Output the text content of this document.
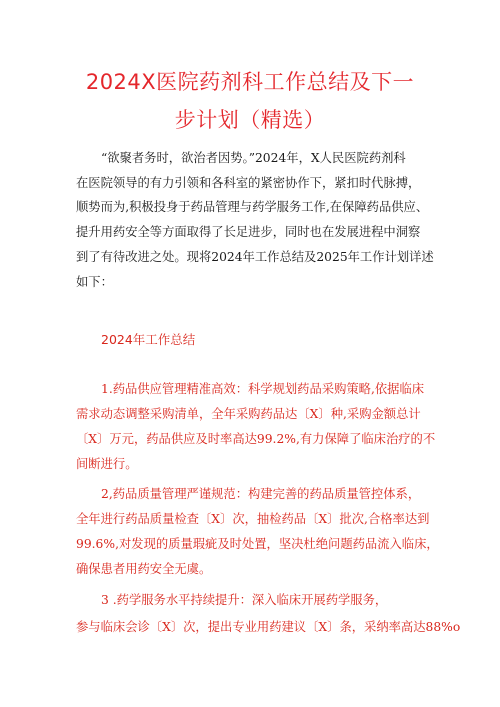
2024X医院药剂科工作总结及下一
步计划（精选）
“欲聚者务时，欲治者因势。”2024年，X人民医院药剂科
在医院领导的有力引领和各科室的紧密协作下，紧扣时代脉搏，
顺势而为,积极投身于药品管理与药学服务工作,在保障药品供应、
提升用药安全等方面取得了长足进步，同时也在发展进程中洞察
到了有待改进之处。现将2024年工作总结及2025年工作计划详述
如下：
2024年工作总结
1.药品供应管理精准高效：科学规划药品采购策略,依据临床
需求动态调整采购清单，全年采购药品达〔X〕种,采购金额总计
〔X〕万元，药品供应及时率高达99.2%,有力保障了临床治疗的不
间断进行。
2,药品质量管理严谨规范：构建完善的药品质量管控体系，
全年进行药品质量检查〔X〕次，抽检药品〔X〕批次,合格率达到
99.6%,对发现的质量瑕疵及时处置，坚决杜绝问题药品流入临床，
确保患者用药安全无虞。
3 .药学服务水平持续提升：深入临床开展药学服务，
参与临床会诊〔X〕次，提出专业用药建议〔X〕条，采纳率高达88%o
